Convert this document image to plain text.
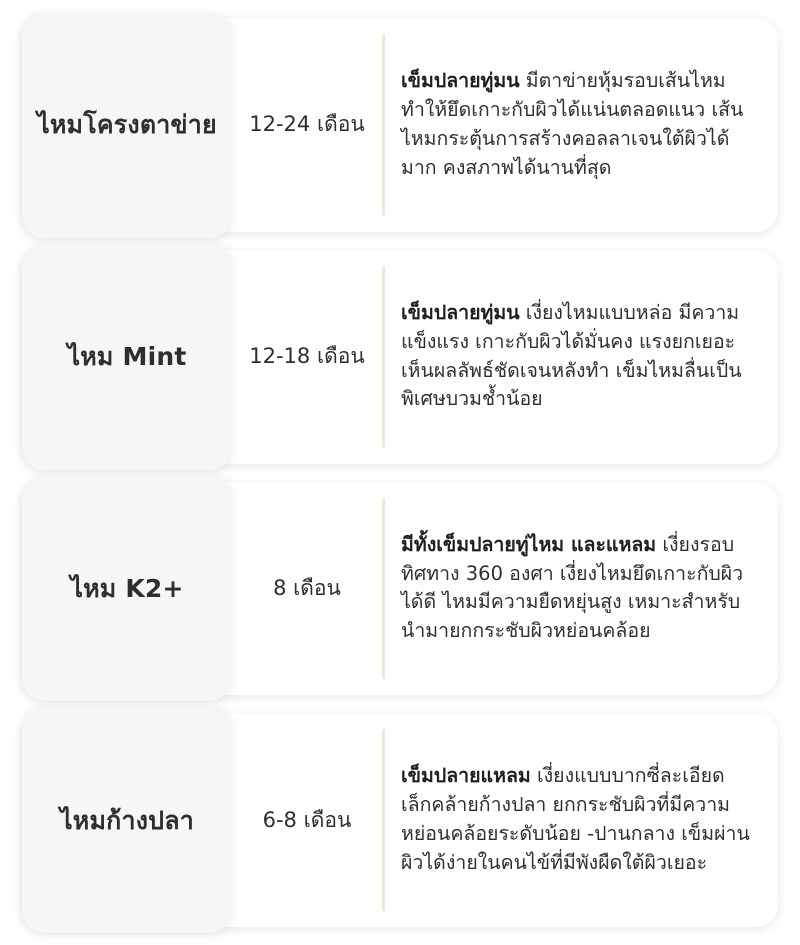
ไหมโครงตาข่าย	12-24 เดือน
เข็มปลายทู่มน มีตาข่ายหุ้มรอบเส้นไหม ทำให้ยึดเกาะกับผิวได้แน่นตลอดแนว เส้นไหมกระตุ้นการสร้างคอลลาเจนใต้ผิวได้มาก คงสภาพได้นานที่สุด
ไหม Mint	12-18 เดือน
เข็มปลายทู่มน เงี่ยงไหมแบบหล่อ มีความแข็งแรง เกาะกับผิวได้มั่นคง แรงยกเยอะ เห็นผลลัพธ์ชัดเจนหลังทำ เข็มไหมลื่นเป็นพิเศษบวมช้ำน้อย
ไหม K2+	8 เดือน
มีทั้งเข็มปลายทู่ไหม และแหลม เงี่ยงรอบทิศทาง 360 องศา เงี่ยงไหมยึดเกาะกับผิวได้ดี ไหมมีความยืดหยุ่นสูง เหมาะสำหรับนำมายกกระชับผิวหย่อนคล้อย
ไหมก้างปลา	6-8 เดือน
เข็มปลายแหลม เงี่ยงแบบบากซี่ละเอียดเล็กคล้ายก้างปลา ยกกระชับผิวที่มีความหย่อนคล้อยระดับน้อย -ปานกลาง เข็มผ่านผิวได้ง่ายในคนไข้ที่มีพังผืดใต้ผิวเยอะ
